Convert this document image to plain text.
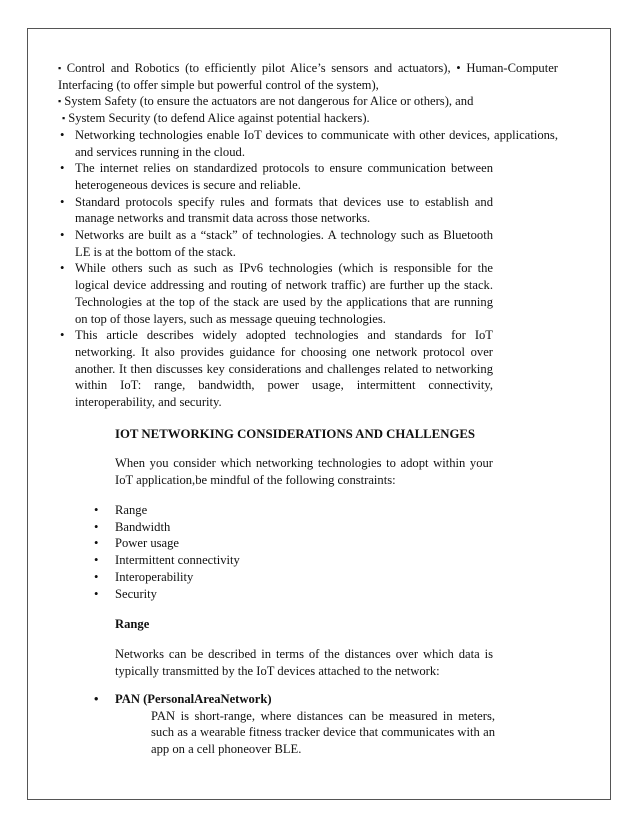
▪ Control and Robotics (to efficiently pilot Alice’s sensors and actuators), • Human-Computer Interfacing (to offer simple but powerful control of the system),

▪ System Safety (to ensure the actuators are not dangerous for Alice or others), and

▪ System Security (to defend Alice against potential hackers).

• Networking technologies enable IoT devices to communicate with other devices, applications, and services running in the cloud.
• The internet relies on standardized protocols to ensure communication between heterogeneous devices is secure and reliable.
• Standard protocols specify rules and formats that devices use to establish and manage networks and transmit data across those networks.
• Networks are built as a “stack” of technologies. A technology such as Bluetooth LE is at the bottom of the stack.
• While others such as such as IPv6 technologies (which is responsible for the logical device addressing and routing of network traffic) are further up the stack. Technologies at the top of the stack are used by the applications that are running on top of those layers, such as message queuing technologies.
• This article describes widely adopted technologies and standards for IoT networking. It also provides guidance for choosing one network protocol over another. It then discusses key considerations and challenges related to networking within IoT: range, bandwidth, power usage, intermittent connectivity, interoperability, and security.
IOT NETWORKING CONSIDERATIONS AND CHALLENGES

When you consider which networking technologies to adopt within your IoT application,be mindful of the following constraints:

• Range
• Bandwidth
• Power usage
• Intermittent connectivity
• Interoperability
• Security
Range

Networks can be described in terms of the distances over which data is typically transmitted by the IoT devices attached to the network:

• PAN (PersonalAreaNetwork)

PAN is short-range, where distances can be measured in meters, such as a wearable fitness tracker device that communicates with an app on a cell phoneover BLE.
